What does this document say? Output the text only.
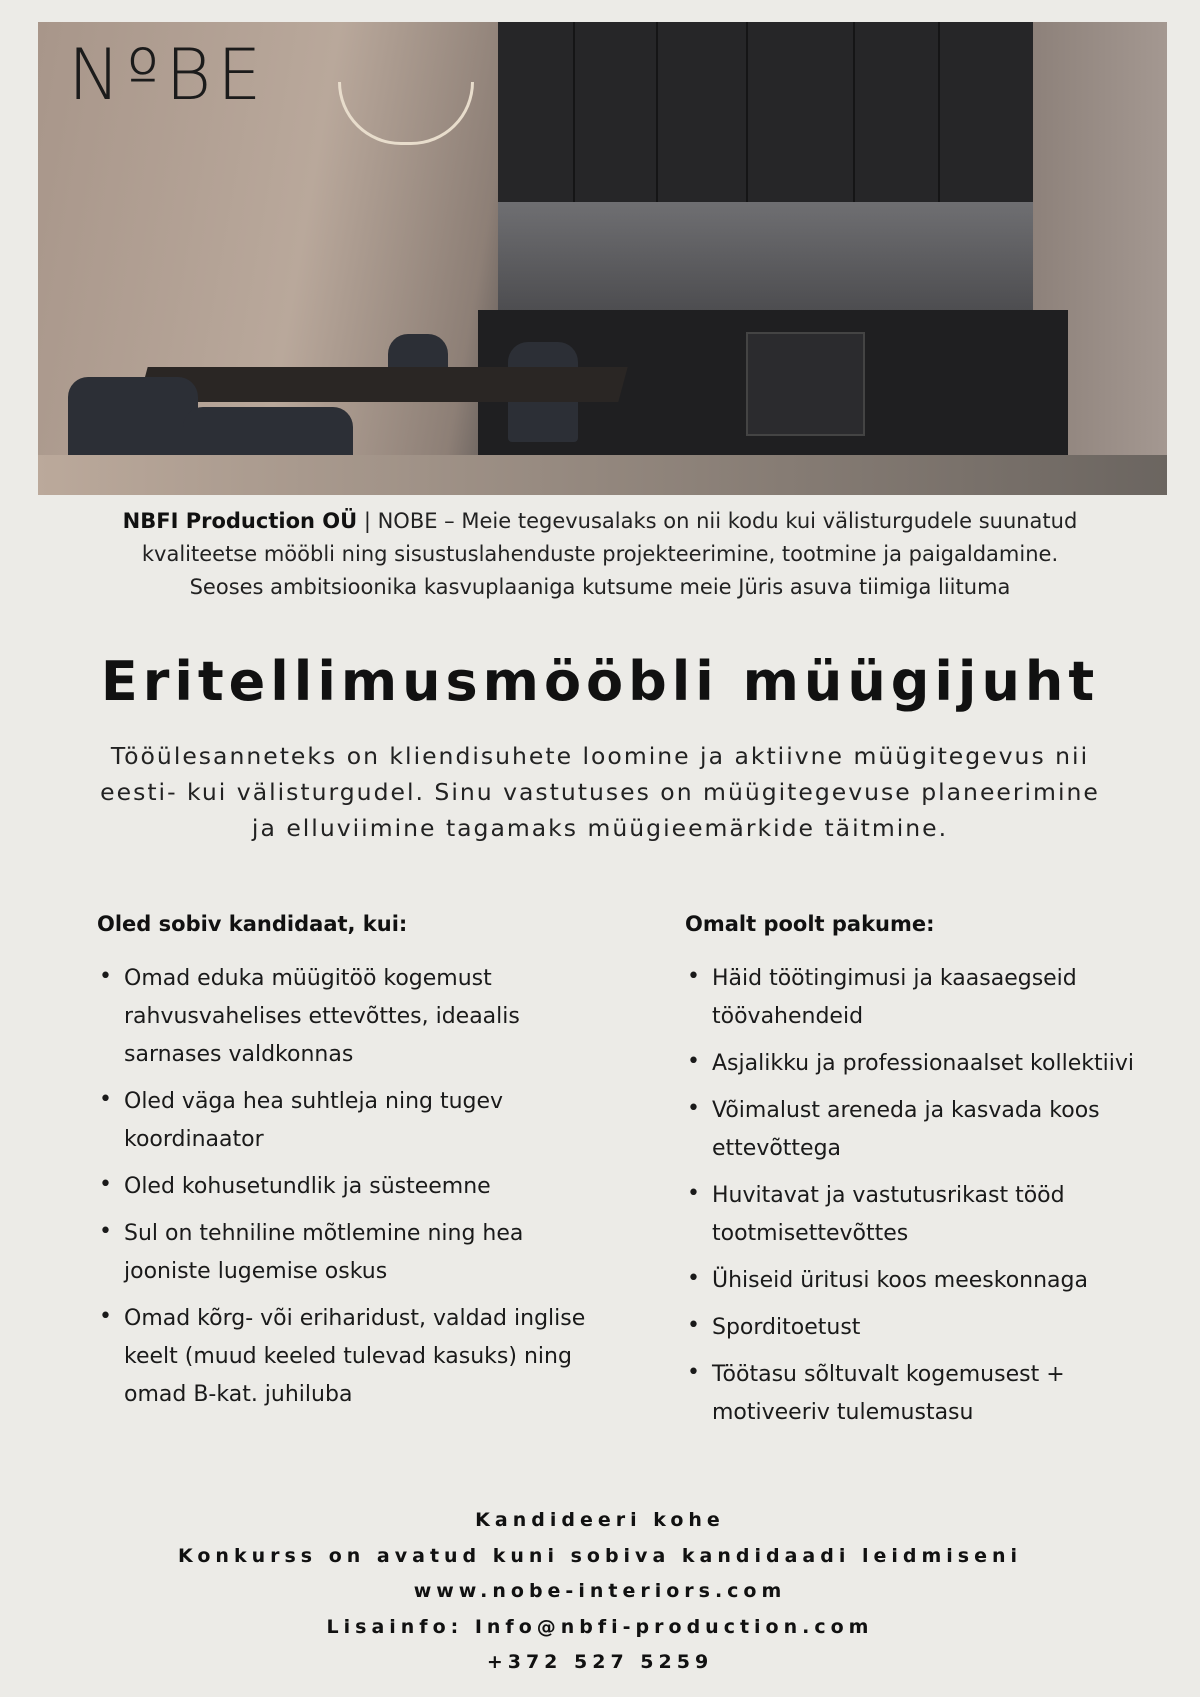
NºBE
NBFI Production OÜ | NOBE – Meie tegevusalaks on nii kodu kui välisturgudele suunatud
kvaliteetse mööbli ning sisustuslahenduste projekteerimine, tootmine ja paigaldamine.
Seoses ambitsioonika kasvuplaaniga kutsume meie Jüris asuva tiimiga liituma
Eritellimusmööbli müügijuht
Tööülesanneteks on kliendisuhete loomine ja aktiivne müügitegevus nii eesti- kui välisturgudel. Sinu vastutuses on müügitegevuse planeerimine ja elluviimine tagamaks müügieemärkide täitmine.
Oled sobiv kandidaat, kui:
• Omad eduka müügitöö kogemust rahvusvahelises ettevõttes, ideaalis sarnases valdkonnas
• Oled väga hea suhtleja ning tugev koordinaator
• Oled kohusetundlik ja süsteemne
• Sul on tehniline mõtlemine ning hea jooniste lugemise oskus
• Omad kõrg- või eriharidust, valdad inglise keelt (muud keeled tulevad kasuks) ning omad B-kat. juhiluba
Omalt poolt pakume:
• Häid töötingimusi ja kaasaegseid töövahendeid
• Asjalikku ja professionaalset kollektiivi
• Võimalust areneda ja kasvada koos ettevõttega
• Huvitavat ja vastutusrikast tööd tootmisettevõttes
• Ühiseid üritusi koos meeskonnaga
• Sporditoetust
• Töötasu sõltuvalt kogemusest + motiveeriv tulemustasu
Kandideeri kohe
Konkurss on avatud kuni sobiva kandidaadi leidmiseni
www.nobe-interiors.com
Lisainfo: Info@nbfi-production.com
+372 527 5259
